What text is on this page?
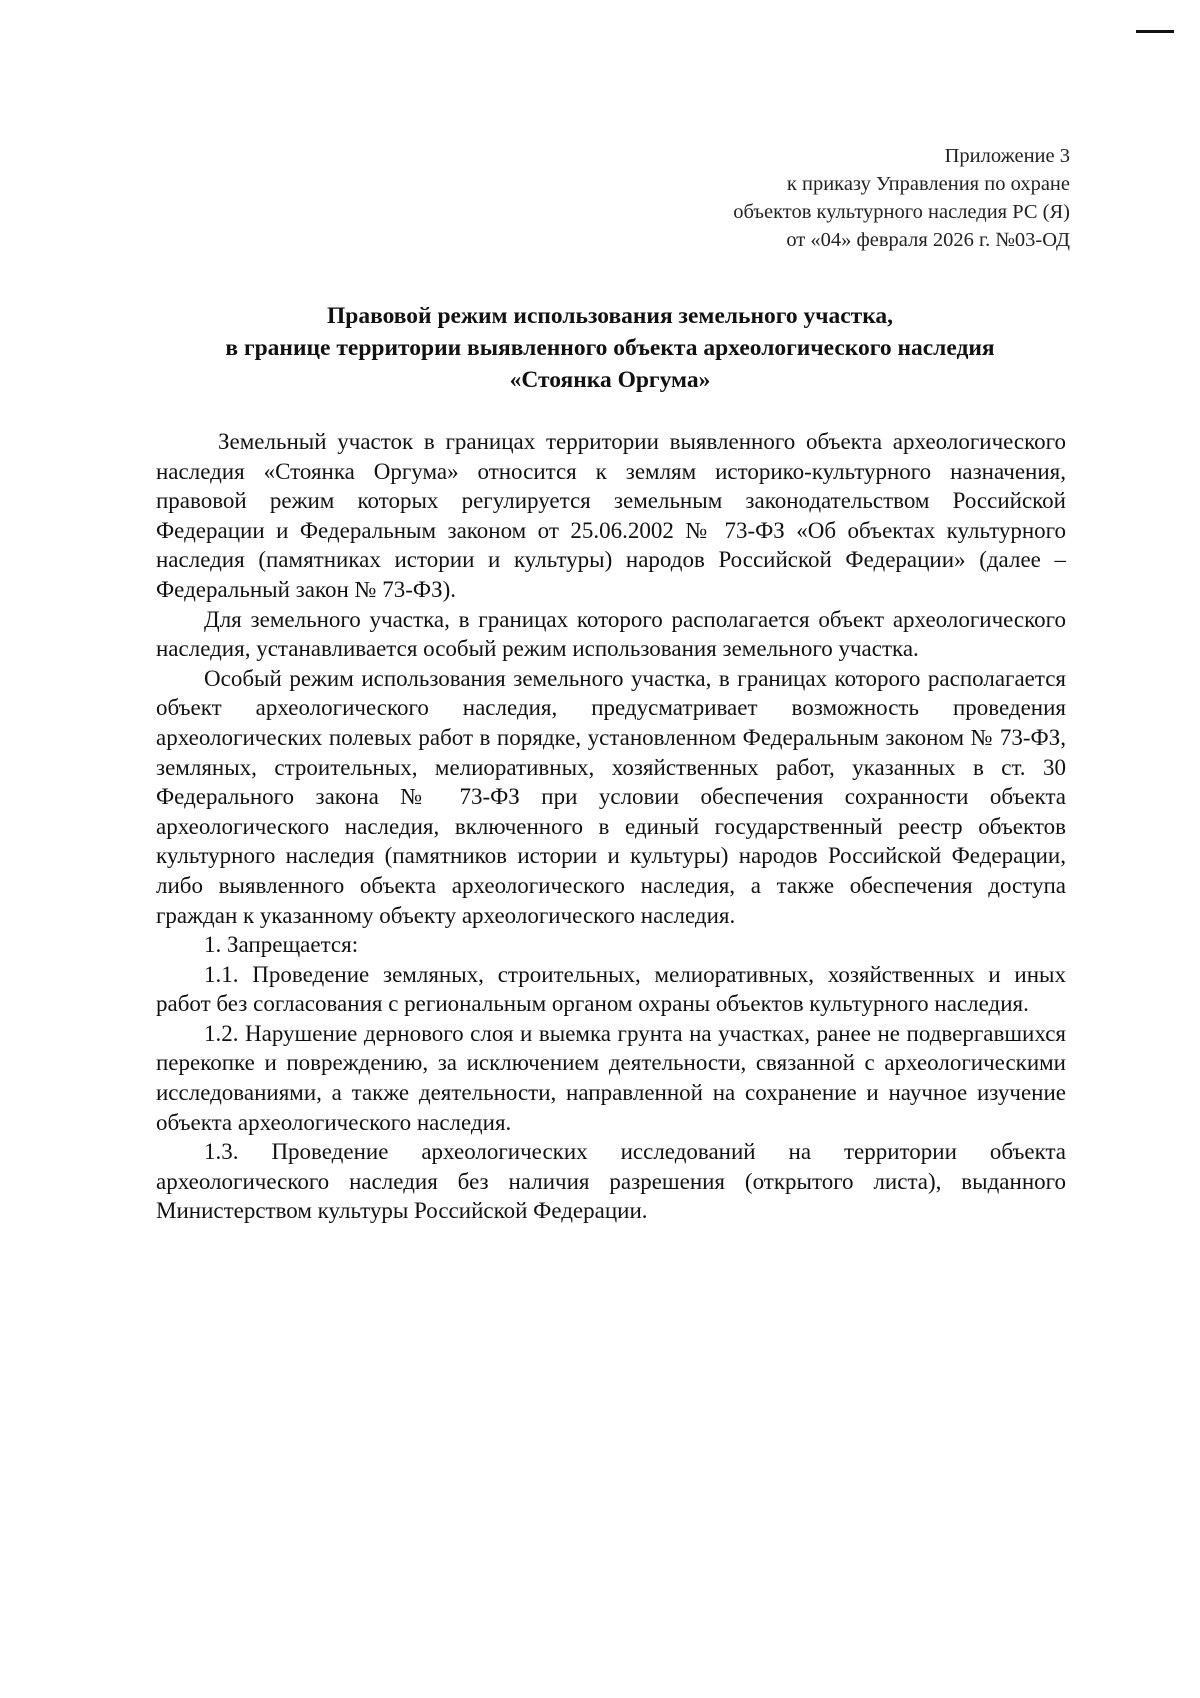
Приложение 3
к приказу Управления по охране
объектов культурного наследия РС (Я)
от «04» февраля 2026 г. №03-ОД
Правовой режим использования земельного участка,
в границе территории выявленного объекта археологического наследия
«Стоянка Оргума»

Земельный участок в границах территории выявленного объекта археологического наследия «Стоянка Оргума» относится к землям историко-культурного назначения, правовой режим которых регулируется земельным законодательством Российской Федерации и Федеральным законом от 25.06.2002 № 73-ФЗ «Об объектах культурного наследия (памятниках истории и культуры) народов Российской Федерации» (далее – Федеральный закон № 73-ФЗ).

Для земельного участка, в границах которого располагается объект археологического наследия, устанавливается особый режим использования земельного участка.

Особый режим использования земельного участка, в границах которого располагается объект археологического наследия, предусматривает возможность проведения археологических полевых работ в порядке, установленном Федеральным законом № 73-ФЗ, земляных, строительных, мелиоративных, хозяйственных работ, указанных в ст. 30 Федерального закона № 73-ФЗ при условии обеспечения сохранности объекта археологического наследия, включенного в единый государственный реестр объектов культурного наследия (памятников истории и культуры) народов Российской Федерации, либо выявленного объекта археологического наследия, а также обеспечения доступа граждан к указанному объекту археологического наследия.

1. Запрещается:

1.1. Проведение земляных, строительных, мелиоративных, хозяйственных и иных работ без согласования с региональным органом охраны объектов культурного наследия.

1.2. Нарушение дернового слоя и выемка грунта на участках, ранее не подвергавшихся перекопке и повреждению, за исключением деятельности, связанной с археологическими исследованиями, а также деятельности, направленной на сохранение и научное изучение объекта археологического наследия.

1.3. Проведение археологических исследований на территории объекта археологического наследия без наличия разрешения (открытого листа), выданного Министерством культуры Российской Федерации.
